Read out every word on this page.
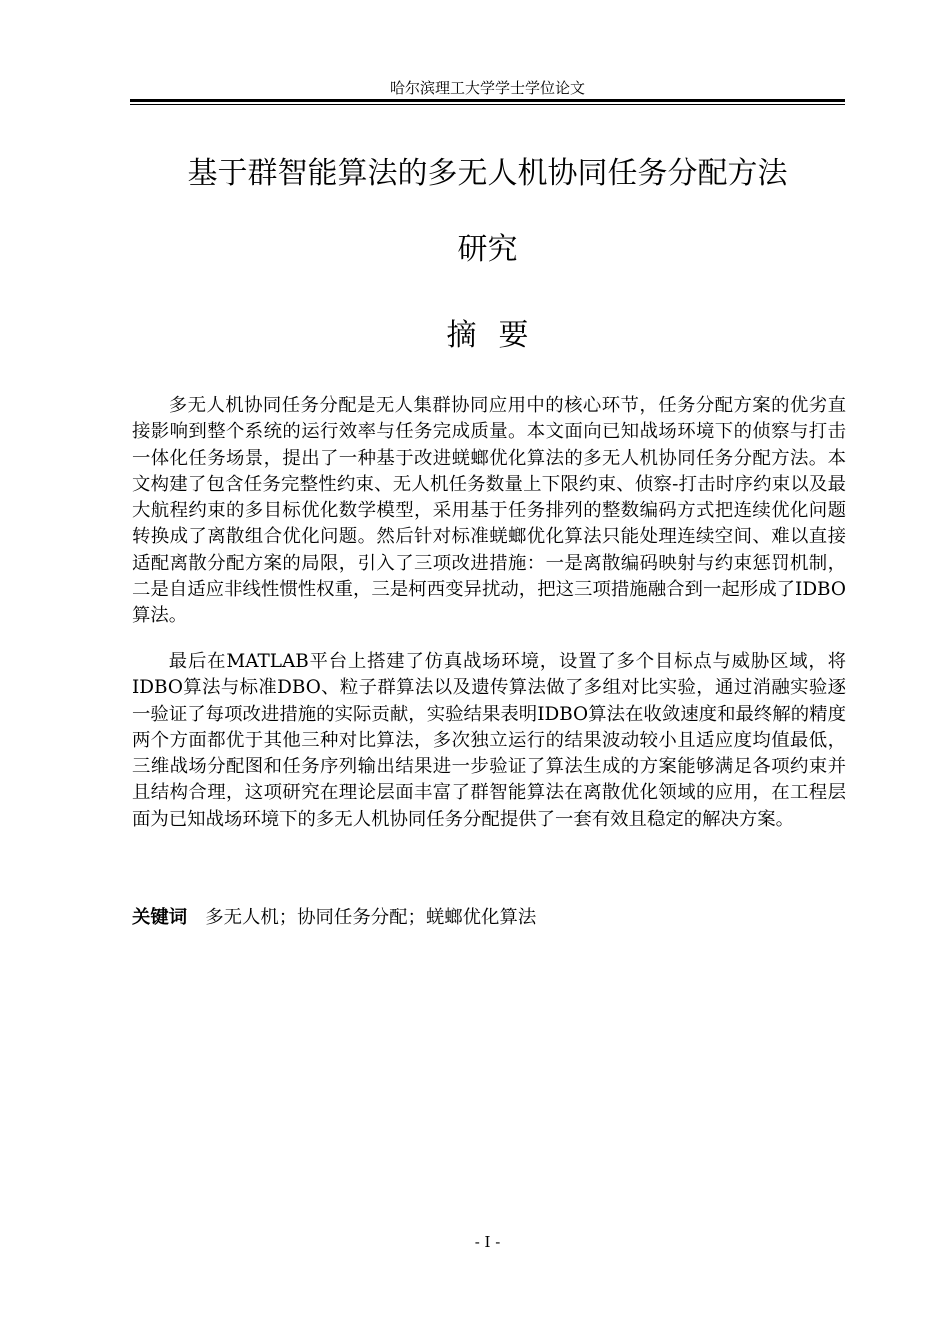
哈尔滨理工大学学士学位论文
基于群智能算法的多无人机协同任务分配方法
研究
摘要

多无人机协同任务分配是无人集群协同应用中的核心环节，任务分配方案的优劣直接影响到整个系统的运行效率与任务完成质量。本文面向已知战场环境下的侦察与打击一体化任务场景，提出了一种基于改进蜣螂优化算法的多无人机协同任务分配方法。本文构建了包含任务完整性约束、无人机任务数量上下限约束、侦察-打击时序约束以及最大航程约束的多目标优化数学模型，采用基于任务排列的整数编码方式把连续优化问题转换成了离散组合优化问题。然后针对标准蜣螂优化算法只能处理连续空间、难以直接适配离散分配方案的局限，引入了三项改进措施：一是离散编码映射与约束惩罚机制，二是自适应非线性惯性权重，三是柯西变异扰动，把这三项措施融合到一起形成了IDBO算法。

最后在MATLAB平台上搭建了仿真战场环境，设置了多个目标点与威胁区域，将IDBO算法与标准DBO、粒子群算法以及遗传算法做了多组对比实验，通过消融实验逐一验证了每项改进措施的实际贡献，实验结果表明IDBO算法在收敛速度和最终解的精度两个方面都优于其他三种对比算法，多次独立运行的结果波动较小且适应度均值最低，三维战场分配图和任务序列输出结果进一步验证了算法生成的方案能够满足各项约束并且结构合理，这项研究在理论层面丰富了群智能算法在离散优化领域的应用，在工程层面为已知战场环境下的多无人机协同任务分配提供了一套有效且稳定的解决方案。

关键词 多无人机；协同任务分配；蜣螂优化算法
- I -
